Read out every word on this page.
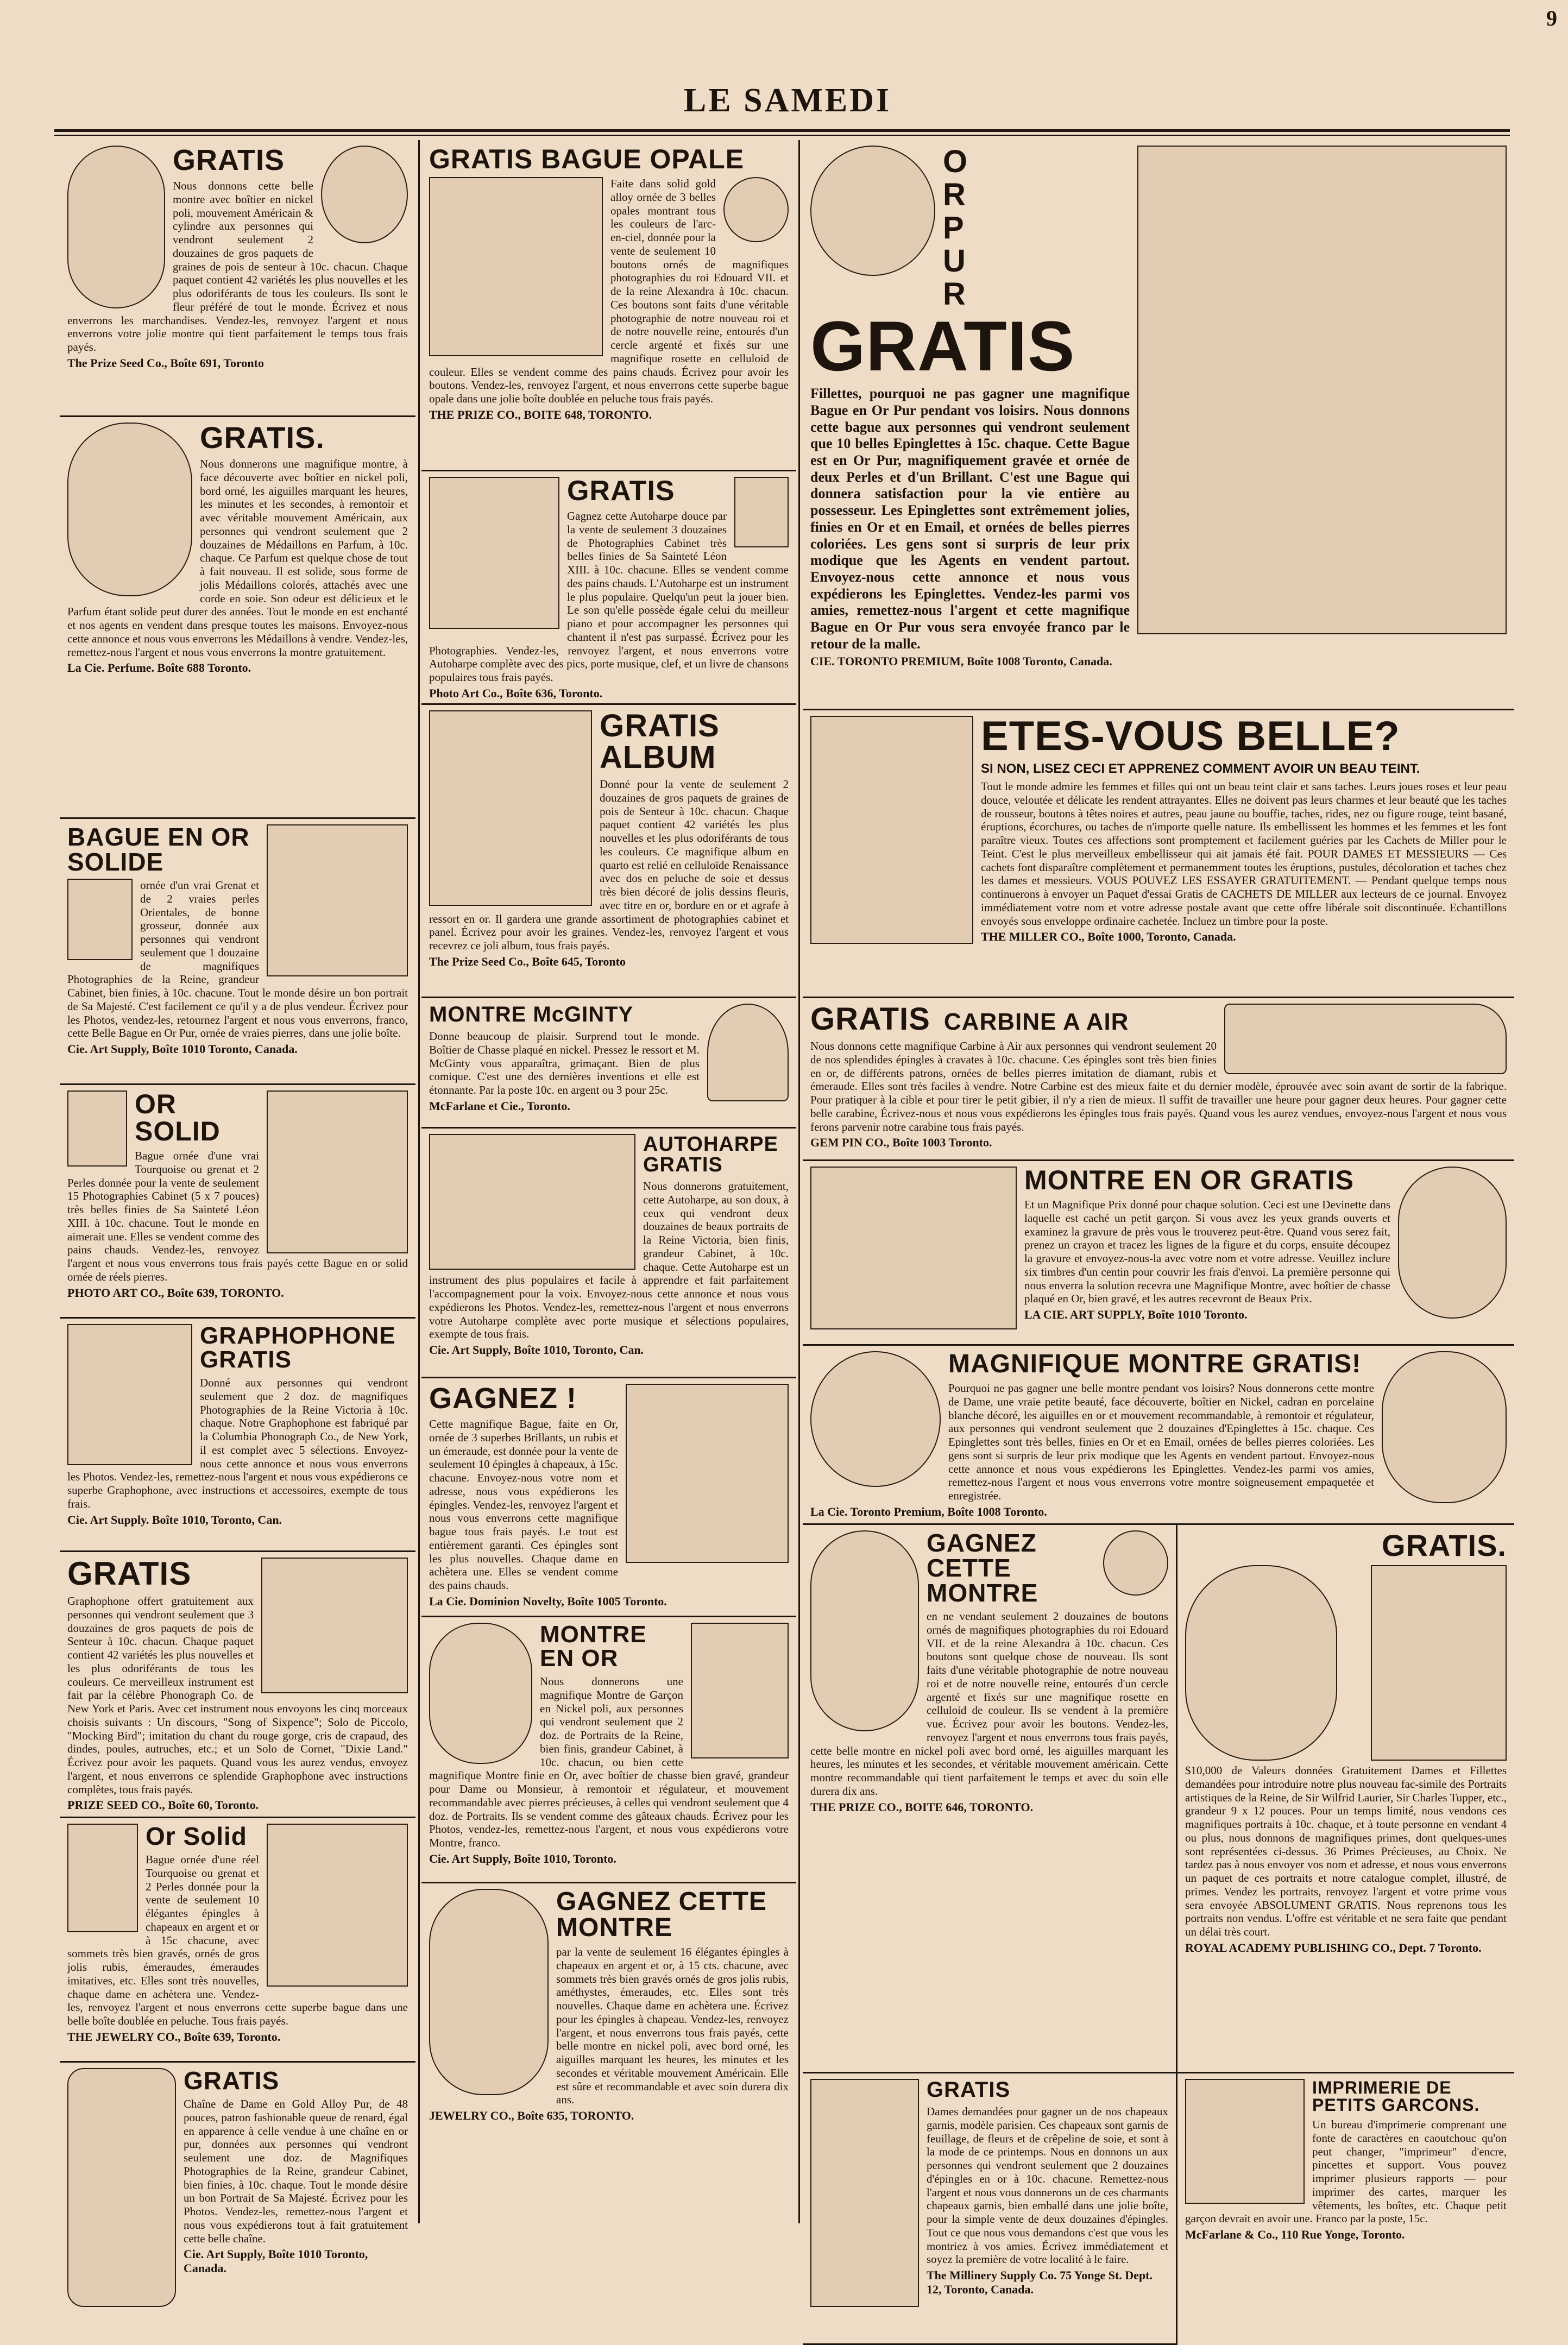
LE SAMEDI
9
GRATIS

Nous donnons cette belle montre avec boîtier en nickel poli, mouvement Américain & cylindre aux personnes qui vendront seulement 2 douzaines de gros paquets de graines de pois de senteur à 10c. chacun. Chaque paquet contient 42 variétés les plus nouvelles et les plus odoriférants de tous les couleurs. Ils sont le fleur préféré de tout le monde. Écrivez et nous enverrons les marchandises. Vendez-les, renvoyez l'argent et nous enverrons votre jolie montre qui tient parfaitement le temps tous frais payés.

The Prize Seed Co., Boîte 691, Toronto
GRATIS.

Nous donnerons une magnifique montre, à face découverte avec boîtier en nickel poli, bord orné, les aiguilles marquant les heures, les minutes et les secondes, à remontoir et avec véritable mouvement Américain, aux personnes qui vendront seulement que 2 douzaines de Médaillons en Parfum, à 10c. chaque. Ce Parfum est quelque chose de tout à fait nouveau. Il est solide, sous forme de jolis Médaillons colorés, attachés avec une corde en soie. Son odeur est délicieux et le Parfum étant solide peut durer des années. Tout le monde en est enchanté et nos agents en vendent dans presque toutes les maisons. Envoyez-nous cette annonce et nous vous enverrons les Médaillons à vendre. Vendez-les, remettez-nous l'argent et nous vous enverrons la montre gratuitement.

La Cie. Perfume. Boîte 688 Toronto.
BAGUE EN OR SOLIDE

ornée d'un vrai Grenat et de 2 vraies perles Orientales, de bonne grosseur, donnée aux personnes qui vendront seulement que 1 douzaine de magnifiques Photographies de la Reine, grandeur Cabinet, bien finies, à 10c. chacune. Tout le monde désire un bon portrait de Sa Majesté. C'est facilement ce qu'il y a de plus vendeur. Écrivez pour les Photos, vendez-les, retournez l'argent et nous vous enverrons, franco, cette Belle Bague en Or Pur, ornée de vraies pierres, dans une jolie boîte.

Cie. Art Supply, Boîte 1010 Toronto, Canada.
OR SOLID

Bague ornée d'une vrai Tourquoise ou grenat et 2 Perles donnée pour la vente de seulement 15 Photographies Cabinet (5 x 7 pouces) très belles finies de Sa Sainteté Léon XIII. à 10c. chacune. Tout le monde en aimerait une. Elles se vendent comme des pains chauds. Vendez-les, renvoyez l'argent et nous vous enverrons tous frais payés cette Bague en or solid ornée de réels pierres.

PHOTO ART CO., Boîte 639, TORONTO.
GRAPHOPHONE GRATIS

Donné aux personnes qui vendront seulement que 2 doz. de magnifiques Photographies de la Reine Victoria à 10c. chaque. Notre Graphophone est fabriqué par la Columbia Phonograph Co., de New York, il est complet avec 5 sélections. Envoyez-nous cette annonce et nous vous enverrons les Photos. Vendez-les, remettez-nous l'argent et nous vous expédierons ce superbe Graphophone, avec instructions et accessoires, exempte de tous frais.

Cie. Art Supply. Boîte 1010, Toronto, Can.
GRATIS

Graphophone offert gratuitement aux personnes qui vendront seulement que 3 douzaines de gros paquets de pois de Senteur à 10c. chacun. Chaque paquet contient 42 variétés les plus nouvelles et les plus odoriférants de tous les couleurs. Ce merveilleux instrument est fait par la célèbre Phonograph Co. de New York et Paris. Avec cet instrument nous envoyons les cinq morceaux choisis suivants : Un discours, "Song of Sixpence"; Solo de Piccolo, "Mocking Bird"; imitation du chant du rouge gorge, cris de crapaud, des dindes, poules, autruches, etc.; et un Solo de Cornet, "Dixie Land." Écrivez pour avoir les paquets. Quand vous les aurez vendus, envoyez l'argent, et nous enverrons ce splendide Graphophone avec instructions complètes, tous frais payés.

PRIZE SEED CO., Boîte 60, Toronto.
Or Solid

Bague ornée d'une réel Tourquoise ou grenat et 2 Perles donnée pour la vente de seulement 10 élégantes épingles à chapeaux en argent et or à 15c chacune, avec sommets très bien gravés, ornés de gros jolis rubis, émeraudes, émeraudes imitatives, etc. Elles sont très nouvelles, chaque dame en achètera une. Vendez-les, renvoyez l'argent et nous enverrons cette superbe bague dans une belle boîte doublée en peluche. Tous frais payés.

THE JEWELRY CO., Boîte 639, Toronto.
GRATIS

Chaîne de Dame en Gold Alloy Pur, de 48 pouces, patron fashionable queue de renard, égal en apparence à celle vendue à une chaîne en or pur, données aux personnes qui vendront seulement une doz. de Magnifiques Photographies de la Reine, grandeur Cabinet, bien finies, à 10c. chaque. Tout le monde désire un bon Portrait de Sa Majesté. Écrivez pour les Photos. Vendez-les, remettez-nous l'argent et nous vous expédierons tout à fait gratuitement cette belle chaîne.

Cie. Art Supply, Boîte 1010 Toronto, Canada.
GRATIS BAGUE OPALE

Faite dans solid gold alloy ornée de 3 belles opales montrant tous les couleurs de l'arc-en-ciel, donnée pour la vente de seulement 10 boutons ornés de magnifiques photographies du roi Edouard VII. et de la reine Alexandra à 10c. chacun. Ces boutons sont faits d'une véritable photographie de notre nouveau roi et de notre nouvelle reine, entourés d'un cercle argenté et fixés sur une magnifique rosette en celluloid de couleur. Elles se vendent comme des pains chauds. Écrivez pour avoir les boutons. Vendez-les, renvoyez l'argent, et nous enverrons cette superbe bague opale dans une jolie boîte doublée en peluche tous frais payés.

THE PRIZE CO., BOITE 648, TORONTO.
GRATIS

Gagnez cette Autoharpe douce par la vente de seulement 3 douzaines de Photographies Cabinet très belles finies de Sa Sainteté Léon XIII. à 10c. chacune. Elles se vendent comme des pains chauds. L'Autoharpe est un instrument le plus populaire. Quelqu'un peut la jouer bien. Le son qu'elle possède égale celui du meilleur piano et pour accompagner les personnes qui chantent il n'est pas surpassé. Écrivez pour les Photographies. Vendez-les, renvoyez l'argent, et nous enverrons votre Autoharpe complète avec des pics, porte musique, clef, et un livre de chansons populaires tous frais payés.

Photo Art Co., Boîte 636, Toronto.
GRATIS ALBUM

Donné pour la vente de seulement 2 douzaines de gros paquets de graines de pois de Senteur à 10c. chacun. Chaque paquet contient 42 variétés les plus nouvelles et les plus odoriférants de tous les couleurs. Ce magnifique album en quarto est relié en celluloïde Renaissance avec dos en peluche de soie et dessus très bien décoré de jolis dessins fleuris, avec titre en or, bordure en or et agrafe à ressort en or. Il gardera une grande assortiment de photographies cabinet et panel. Écrivez pour avoir les graines. Vendez-les, renvoyez l'argent et vous recevrez ce joli album, tous frais payés.

The Prize Seed Co., Boîte 645, Toronto
MONTRE McGINTY

Donne beaucoup de plaisir. Surprend tout le monde. Boîtier de Chasse plaqué en nickel. Pressez le ressort et M. McGinty vous apparaîtra, grimaçant. Bien de plus comique. C'est une des dernières inventions et elle est étonnante. Par la poste 10c. en argent ou 3 pour 25c.

McFarlane et Cie., Toronto.
AUTOHARPE GRATIS

Nous donnerons gratuitement, cette Autoharpe, au son doux, à ceux qui vendront deux douzaines de beaux portraits de la Reine Victoria, bien finis, grandeur Cabinet, à 10c. chaque. Cette Autoharpe est un instrument des plus populaires et facile à apprendre et fait parfaitement l'accompagnement pour la voix. Envoyez-nous cette annonce et nous vous expédierons les Photos. Vendez-les, remettez-nous l'argent et nous enverrons votre Autoharpe complète avec porte musique et sélections populaires, exempte de tous frais.

Cie. Art Supply, Boîte 1010, Toronto, Can.
GAGNEZ !

Cette magnifique Bague, faite en Or, ornée de 3 superbes Brillants, un rubis et un émeraude, est donnée pour la vente de seulement 10 épingles à chapeaux, à 15c. chacune. Envoyez-nous votre nom et adresse, nous vous expédierons les épingles. Vendez-les, renvoyez l'argent et nous vous enverrons cette magnifique bague tous frais payés. Le tout est entièrement garanti. Ces épingles sont les plus nouvelles. Chaque dame en achètera une. Elles se vendent comme des pains chauds.

La Cie. Dominion Novelty, Boîte 1005 Toronto.
MONTRE EN OR

Nous donnerons une magnifique Montre de Garçon en Nickel poli, aux personnes qui vendront seulement que 2 doz. de Portraits de la Reine, bien finis, grandeur Cabinet, à 10c. chacun, ou bien cette magnifique Montre finie en Or, avec boîtier de chasse bien gravé, grandeur pour Dame ou Monsieur, à remontoir et régulateur, et mouvement recommandable avec pierres précieuses, à celles qui vendront seulement que 4 doz. de Portraits. Ils se vendent comme des gâteaux chauds. Écrivez pour les Photos, vendez-les, remettez-nous l'argent, et nous vous expédierons votre Montre, franco.

Cie. Art Supply, Boîte 1010, Toronto.
GAGNEZ CETTE MONTRE

par la vente de seulement 16 élégantes épingles à chapeaux en argent et or, à 15 cts. chacune, avec sommets très bien gravés ornés de gros jolis rubis, améthystes, émeraudes, etc. Elles sont très nouvelles. Chaque dame en achètera une. Écrivez pour les épingles à chapeau. Vendez-les, renvoyez l'argent, et nous enverrons tous frais payés, cette belle montre en nickel poli, avec bord orné, les aiguilles marquant les heures, les minutes et les secondes et véritable mouvement Américain. Elle est sûre et recommandable et avec soin durera dix ans.

JEWELRY CO., Boîte 635, TORONTO.
OR PUR
GRATIS

Fillettes, pourquoi ne pas gagner une magnifique Bague en Or Pur pendant vos loisirs. Nous donnons cette bague aux personnes qui vendront seulement que 10 belles Epinglettes à 15c. chaque. Cette Bague est en Or Pur, magnifiquement gravée et ornée de deux Perles et d'un Brillant. C'est une Bague qui donnera satisfaction pour la vie entière au possesseur. Les Epinglettes sont extrêmement jolies, finies en Or et en Email, et ornées de belles pierres coloriées. Les gens sont si surpris de leur prix modique que les Agents en vendent partout. Envoyez-nous cette annonce et nous vous expédierons les Epinglettes. Vendez-les parmi vos amies, remettez-nous l'argent et cette magnifique Bague en Or Pur vous sera envoyée franco par le retour de la malle.

CIE. TORONTO PREMIUM, Boîte 1008 Toronto, Canada.
ETES-VOUS BELLE?
SI NON, LISEZ CECI ET APPRENEZ COMMENT AVOIR UN BEAU TEINT.

Tout le monde admire les femmes et filles qui ont un beau teint clair et sans taches. Leurs joues roses et leur peau douce, veloutée et délicate les rendent attrayantes. Elles ne doivent pas leurs charmes et leur beauté que les taches de rousseur, boutons à têtes noires et autres, peau jaune ou bouffie, taches, rides, nez ou figure rouge, teint basané, éruptions, écorchures, ou taches de n'importe quelle nature. Ils embellissent les hommes et les femmes et les font paraître vieux. Toutes ces affections sont promptement et facilement guéries par les Cachets de Miller pour le Teint. C'est le plus merveilleux embellisseur qui ait jamais été fait. POUR DAMES ET MESSIEURS — Ces cachets font disparaître complètement et permanemment toutes les éruptions, pustules, décoloration et taches chez les dames et messieurs. VOUS POUVEZ LES ESSAYER GRATUITEMENT. — Pendant quelque temps nous continuerons à envoyer un Paquet d'essai Gratis de CACHETS DE MILLER aux lecteurs de ce journal. Envoyez immédiatement votre nom et votre adresse postale avant que cette offre libérale soit discontinuée. Echantillons envoyés sous enveloppe ordinaire cachetée. Incluez un timbre pour la poste.

THE MILLER CO., Boîte 1000, Toronto, Canada.
GRATIS CARBINE A AIR

Nous donnons cette magnifique Carbine à Air aux personnes qui vendront seulement 20 de nos splendides épingles à cravates à 10c. chacune. Ces épingles sont très bien finies en or, de différents patrons, ornées de belles pierres imitation de diamant, rubis et émeraude. Elles sont très faciles à vendre. Notre Carbine est des mieux faite et du dernier modèle, éprouvée avec soin avant de sortir de la fabrique. Pour pratiquer à la cible et pour tirer le petit gibier, il n'y a rien de mieux. Il suffit de travailler une heure pour gagner deux heures. Pour gagner cette belle carabine, Écrivez-nous et nous vous expédierons les épingles tous frais payés. Quand vous les aurez vendues, envoyez-nous l'argent et nous vous ferons parvenir notre carabine tous frais payés.

GEM PIN CO., Boîte 1003 Toronto.
MONTRE EN OR GRATIS

Et un Magnifique Prix donné pour chaque solution. Ceci est une Devinette dans laquelle est caché un petit garçon. Si vous avez les yeux grands ouverts et examinez la gravure de près vous le trouverez peut-être. Quand vous serez fait, prenez un crayon et tracez les lignes de la figure et du corps, ensuite découpez la gravure et envoyez-nous-la avec votre nom et votre adresse. Veuillez inclure six timbres d'un centin pour couvrir les frais d'envoi. La première personne qui nous enverra la solution recevra une Magnifique Montre, avec boîtier de chasse plaqué en Or, bien gravé, et les autres recevront de Beaux Prix.

LA CIE. ART SUPPLY, Boîte 1010 Toronto.
MAGNIFIQUE MONTRE GRATIS!

Pourquoi ne pas gagner une belle montre pendant vos loisirs? Nous donnerons cette montre de Dame, une vraie petite beauté, face découverte, boîtier en Nickel, cadran en porcelaine blanche décoré, les aiguilles en or et mouvement recommandable, à remontoir et régulateur, aux personnes qui vendront seulement que 2 douzaines d'Epinglettes à 15c. chaque. Ces Epinglettes sont très belles, finies en Or et en Email, ornées de belles pierres coloriées. Les gens sont si surpris de leur prix modique que les Agents en vendent partout. Envoyez-nous cette annonce et nous vous expédierons les Epinglettes. Vendez-les parmi vos amies, remettez-nous l'argent et nous vous enverrons votre montre soigneusement empaquetée et enregistrée.

La Cie. Toronto Premium, Boîte 1008 Toronto.
GAGNEZ CETTE MONTRE

en ne vendant seulement 2 douzaines de boutons ornés de magnifiques photographies du roi Edouard VII. et de la reine Alexandra à 10c. chacun. Ces boutons sont quelque chose de nouveau. Ils sont faits d'une véritable photographie de notre nouveau roi et de notre nouvelle reine, entourés d'un cercle argenté et fixés sur une magnifique rosette en celluloid de couleur. Ils se vendent à la première vue. Écrivez pour avoir les boutons. Vendez-les, renvoyez l'argent et nous enverrons tous frais payés, cette belle montre en nickel poli avec bord orné, les aiguilles marquant les heures, les minutes et les secondes, et véritable mouvement américain. Cette montre recommandable qui tient parfaitement le temps et avec du soin elle durera dix ans.

THE PRIZE CO., BOITE 646, TORONTO.
GRATIS.

$10,000 de Valeurs données Gratuitement Dames et Fillettes demandées pour introduire notre plus nouveau fac-simile des Portraits artistiques de la Reine, de Sir Wilfrid Laurier, Sir Charles Tupper, etc., grandeur 9 x 12 pouces. Pour un temps limité, nous vendons ces magnifiques portraits à 10c. chaque, et à toute personne en vendant 4 ou plus, nous donnons de magnifiques primes, dont quelques-unes sont représentées ci-dessus. 36 Primes Précieuses, au Choix. Ne tardez pas à nous envoyer vos nom et adresse, et nous vous enverrons un paquet de ces portraits et notre catalogue complet, illustré, de primes. Vendez les portraits, renvoyez l'argent et votre prime vous sera envoyée ABSOLUMENT GRATIS. Nous reprenons tous les portraits non vendus. L'offre est véritable et ne sera faite que pendant un délai très court.

ROYAL ACADEMY PUBLISHING CO., Dept. 7 Toronto.
GRATIS

Dames demandées pour gagner un de nos chapeaux garnis, modèle parisien. Ces chapeaux sont garnis de feuillage, de fleurs et de crêpeline de soie, et sont à la mode de ce printemps. Nous en donnons un aux personnes qui vendront seulement que 2 douzaines d'épingles en or à 10c. chacune. Remettez-nous l'argent et nous vous donnerons un de ces charmants chapeaux garnis, bien emballé dans une jolie boîte, pour la simple vente de deux douzaines d'épingles. Tout ce que nous vous demandons c'est que vous les montriez à vos amies. Écrivez immédiatement et soyez la première de votre localité à le faire.

The Millinery Supply Co. 75 Yonge St. Dept. 12, Toronto, Canada.
IMPRIMERIE DE PETITS GARCONS.

Un bureau d'imprimerie comprenant une fonte de caractères en caoutchouc qu'on peut changer, "imprimeur" d'encre, pincettes et support. Vous pouvez imprimer plusieurs rapports — pour imprimer des cartes, marquer les vêtements, les boîtes, etc. Chaque petit garçon devrait en avoir une. Franco par la poste, 15c.

McFarlane & Co., 110 Rue Yonge, Toronto.
